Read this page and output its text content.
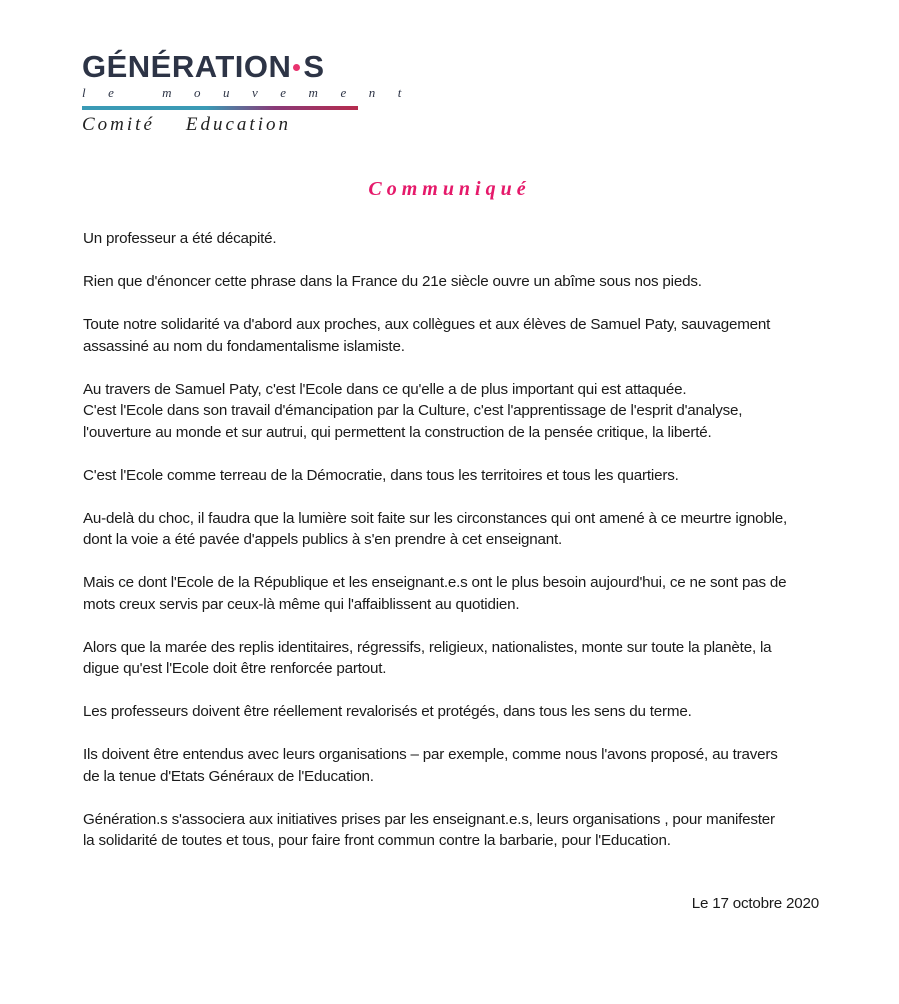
GÉNÉRATION S
le mouvement
Comité    Education
Communiqué
Un professeur a été décapité.
Rien que d'énoncer cette phrase dans la France du 21e siècle ouvre un abîme sous nos pieds.
Toute notre solidarité va d'abord aux proches, aux collègues et aux élèves de Samuel Paty, sauvagement
assassiné au nom du fondamentalisme islamiste.
Au travers de Samuel Paty, c'est l'Ecole dans ce qu'elle a de plus important qui est attaquée.
C'est l'Ecole dans son travail d'émancipation par la Culture, c'est l'apprentissage de l'esprit d'analyse,
l'ouverture au monde et sur autrui, qui permettent la construction de la pensée critique, la liberté.
C'est l'Ecole comme terreau de la Démocratie, dans tous les territoires et tous les quartiers.
Au-delà du choc, il faudra que la lumière soit faite sur les circonstances qui ont amené à ce meurtre ignoble,
dont la voie a été pavée d'appels publics à s'en prendre à cet enseignant.
Mais ce dont l'Ecole de la République et les enseignant.e.s ont le plus besoin aujourd'hui, ce ne sont pas de
mots creux servis par ceux-là même qui l'affaiblissent au quotidien.
Alors que la marée des replis identitaires, régressifs, religieux, nationalistes, monte sur toute la planète, la
digue qu'est l'Ecole doit être renforcée partout.
Les professeurs doivent être réellement revalorisés et protégés, dans tous les sens du terme.
Ils doivent être entendus avec leurs organisations – par exemple, comme nous l'avons proposé, au travers
de la tenue d'Etats Généraux de l'Education.
Génération.s s'associera aux initiatives prises par les enseignant.e.s, leurs organisations , pour manifester
la solidarité de toutes et tous, pour faire front commun contre la barbarie, pour l'Education.
Le 17 octobre 2020
